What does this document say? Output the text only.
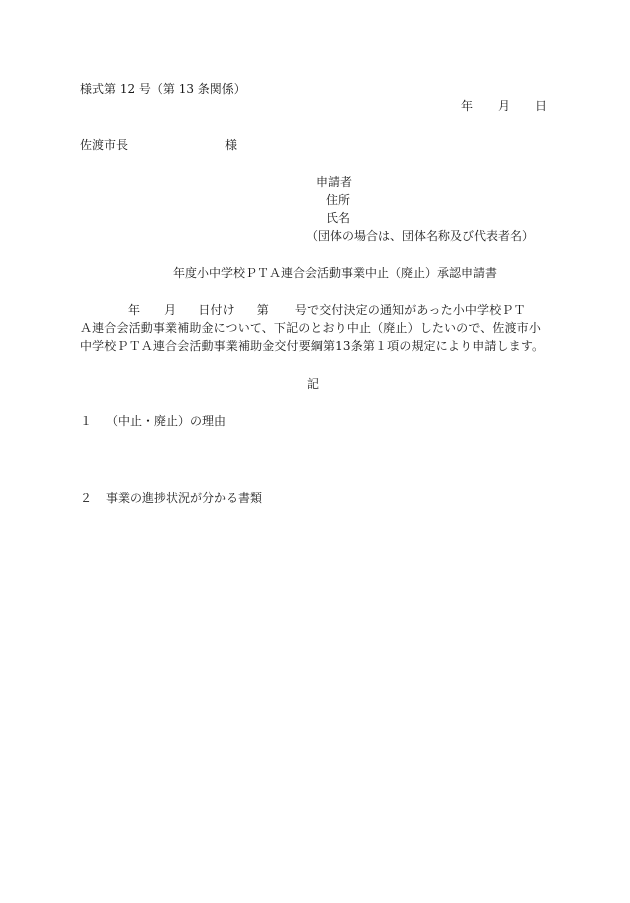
様式第 12 号（第 13 条関係）
年 月 日
佐渡市長	様
申請者
住所
氏名
（団体の場合は、団体名称及び代表者名）
年度小中学校ＰＴＡ連合会活動事業中止（廃止）承認申請書
年 月 日付け 第 号で交付決定の通知があった小中学校ＰＴ
Ａ連合会活動事業補助金について、下記のとおり中止（廃止）したいので、佐渡市小
中学校ＰＴＡ連合会活動事業補助金交付要綱第13条第１項の規定により申請します。
記
１ （中止・廃止）の理由
２ 事業の進捗状況が分かる書類
